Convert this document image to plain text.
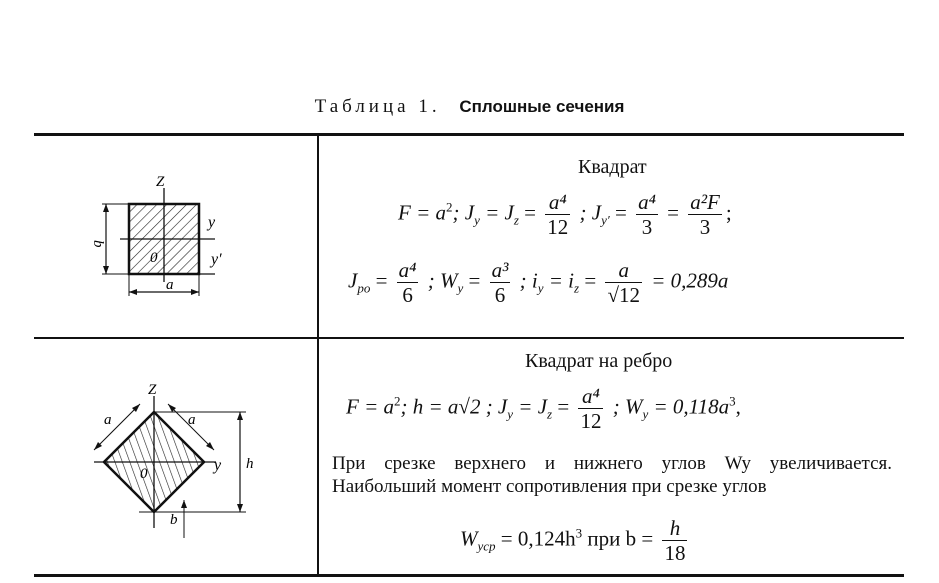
Таблица 1. Сплошные сечения
Z
y
y′
b
a
0
Квадрат
$F = a^2$; $J_y = J_z = \frac{\text{a⁴}}{12}$ ; $J_{y'} = \frac{\text{a⁴}}{3} = \frac{\text{a²F}}{3}$ ;
$J_{po} = \frac{\text{a⁴}}{6}$ ; $W_y = \frac{\text{a³}}{6}$ ; $i_y = i_z = \frac{a}{√12} = 0,289a$
Z
y
a	a
h
b
0
Квадрат на ребро
$F = a^2$; h = a√2 ; $J_y = J_z = \frac{\text{a⁴}}{12}$ ; $W_y = 0,118a^3$,
При срезке верхнего и нижнего углов Wy увеличивается. Наибольший момент сопротивления при срезке углов
$W_{yср} = 0,124h^3$ при $b = \frac{h}{18}$
